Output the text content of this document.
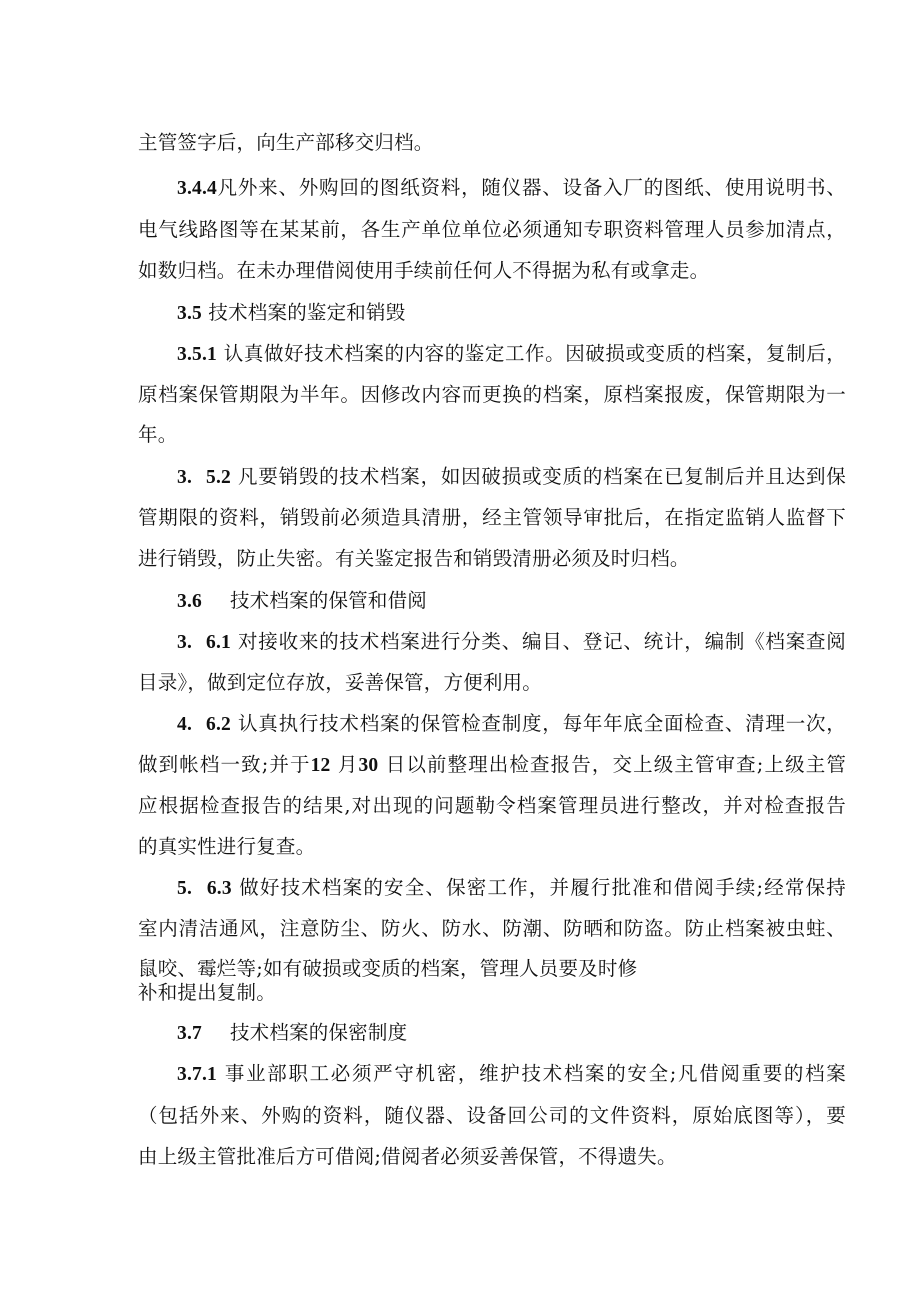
主管签字后，向生产部移交归档。
3.4.4凡外来、外购回的图纸资料，随仪器、设备入厂的图纸、使用说明书、
电气线路图等在某某前，各生产单位单位必须通知专职资料管理人员参加清点，
如数归档。在未办理借阅使用手续前任何人不得据为私有或拿走。
3.5 技术档案的鉴定和销毁
3.5.1 认真做好技术档案的内容的鉴定工作。因破损或变质的档案，复制后，
原档案保管期限为半年。因修改内容而更换的档案，原档案报废，保管期限为一
年。
3. 5.2 凡要销毁的技术档案，如因破损或变质的档案在已复制后并且达到保
管期限的资料，销毁前必须造具清册，经主管领导审批后，在指定监销人监督下
进行销毁，防止失密。有关鉴定报告和销毁清册必须及时归档。
3.6 技术档案的保管和借阅
3. 6.1 对接收来的技术档案进行分类、编目、登记、统计，编制《档案查阅
目录》，做到定位存放，妥善保管，方便利用。
4. 6.2 认真执行技术档案的保管检查制度，每年年底全面检查、清理一次，
做到帐档一致;并于12 月30 日以前整理出检查报告，交上级主管审查;上级主管
应根据检查报告的结果,对出现的问题勒令档案管理员进行整改，并对检查报告
的真实性进行复查。
5. 6.3 做好技术档案的安全、保密工作，并履行批准和借阅手续;经常保持
室内清洁通风，注意防尘、防火、防水、防潮、防晒和防盗。防止档案被虫蛀、
鼠咬、霉烂等;如有破损或变质的档案，管理人员要及时修
补和提出复制。
3.7 技术档案的保密制度
3.7.1 事业部职工必须严守机密，维护技术档案的安全;凡借阅重要的档案
（包括外来、外购的资料，随仪器、设备回公司的文件资料，原始底图等），要
由上级主管批准后方可借阅;借阅者必须妥善保管，不得遗失。
